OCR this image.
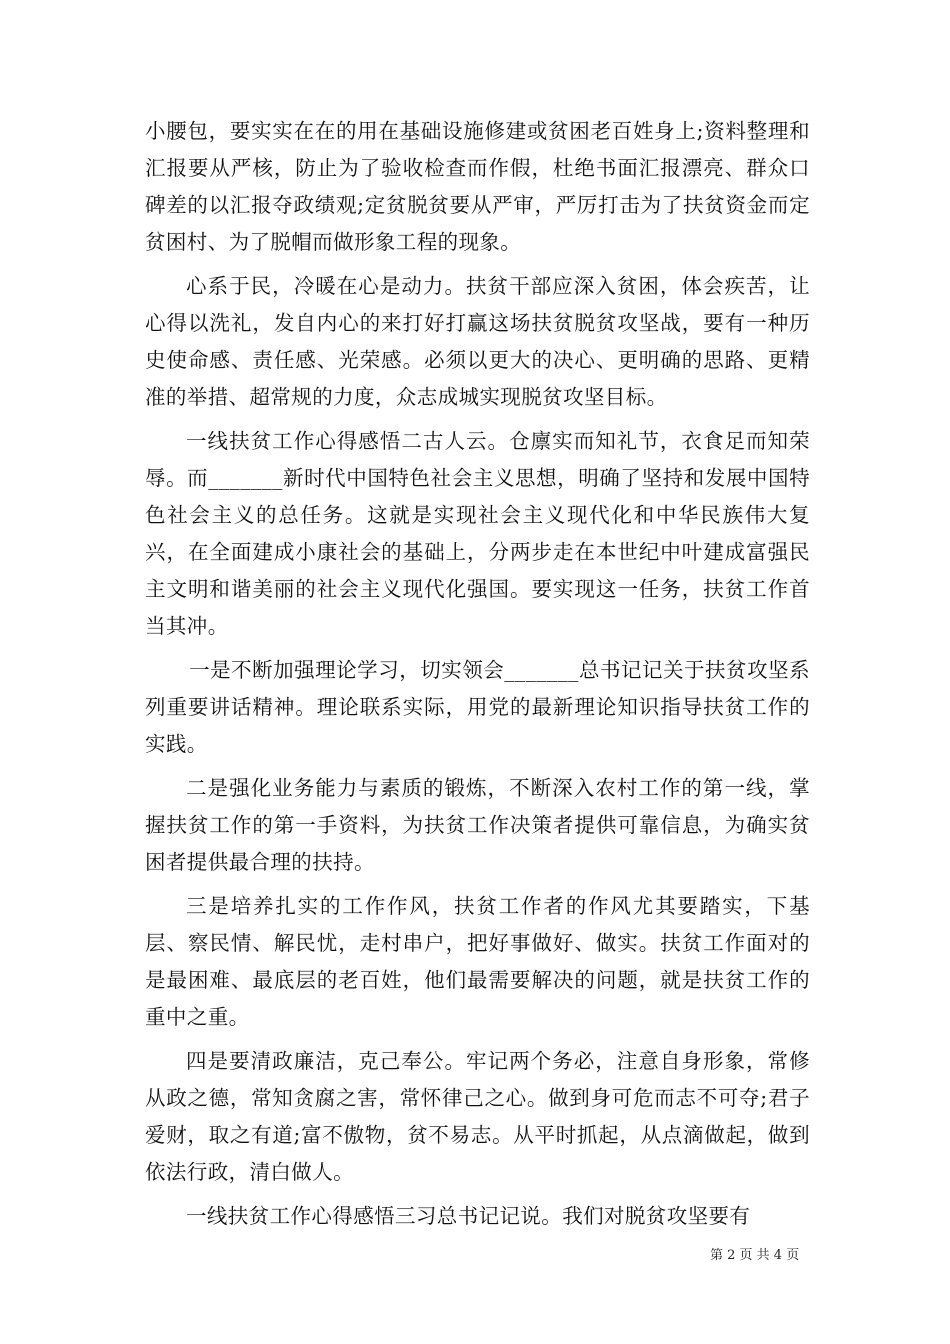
小腰包，要实实在在的用在基础设施修建或贫困老百姓身上;资料整理和汇报要从严核，防止为了验收检查而作假，杜绝书面汇报漂亮、群众口碑差的以汇报夺政绩观;定贫脱贫要从严审，严厉打击为了扶贫资金而定贫困村、为了脱帽而做形象工程的现象。

心系于民，冷暖在心是动力。扶贫干部应深入贫困，体会疾苦，让心得以洗礼，发自内心的来打好打赢这场扶贫脱贫攻坚战，要有一种历史使命感、责任感、光荣感。必须以更大的决心、更明确的思路、更精准的举措、超常规的力度，众志成城实现脱贫攻坚目标。

一线扶贫工作心得感悟二古人云。仓廪实而知礼节，衣食足而知荣辱。而_______新时代中国特色社会主义思想，明确了坚持和发展中国特色社会主义的总任务。这就是实现社会主义现代化和中华民族伟大复兴，在全面建成小康社会的基础上，分两步走在本世纪中叶建成富强民主文明和谐美丽的社会主义现代化强国。要实现这一任务，扶贫工作首当其冲。

一是不断加强理论学习，切实领会_______总书记记关于扶贫攻坚系列重要讲话精神。理论联系实际，用党的最新理论知识指导扶贫工作的实践。

二是强化业务能力与素质的锻炼，不断深入农村工作的第一线，掌握扶贫工作的第一手资料，为扶贫工作决策者提供可靠信息，为确实贫困者提供最合理的扶持。

三是培养扎实的工作作风，扶贫工作者的作风尤其要踏实，下基层、察民情、解民忧，走村串户，把好事做好、做实。扶贫工作面对的是最困难、最底层的老百姓，他们最需要解决的问题，就是扶贫工作的重中之重。

四是要清政廉洁，克己奉公。牢记两个务必，注意自身形象，常修从政之德，常知贪腐之害，常怀律己之心。做到身可危而志不可夺;君子爱财，取之有道;富不傲物，贫不易志。从平时抓起，从点滴做起，做到依法行政，清白做人。

一线扶贫工作心得感悟三习总书记记说。我们对脱贫攻坚要有

第 2 页 共 4 页
